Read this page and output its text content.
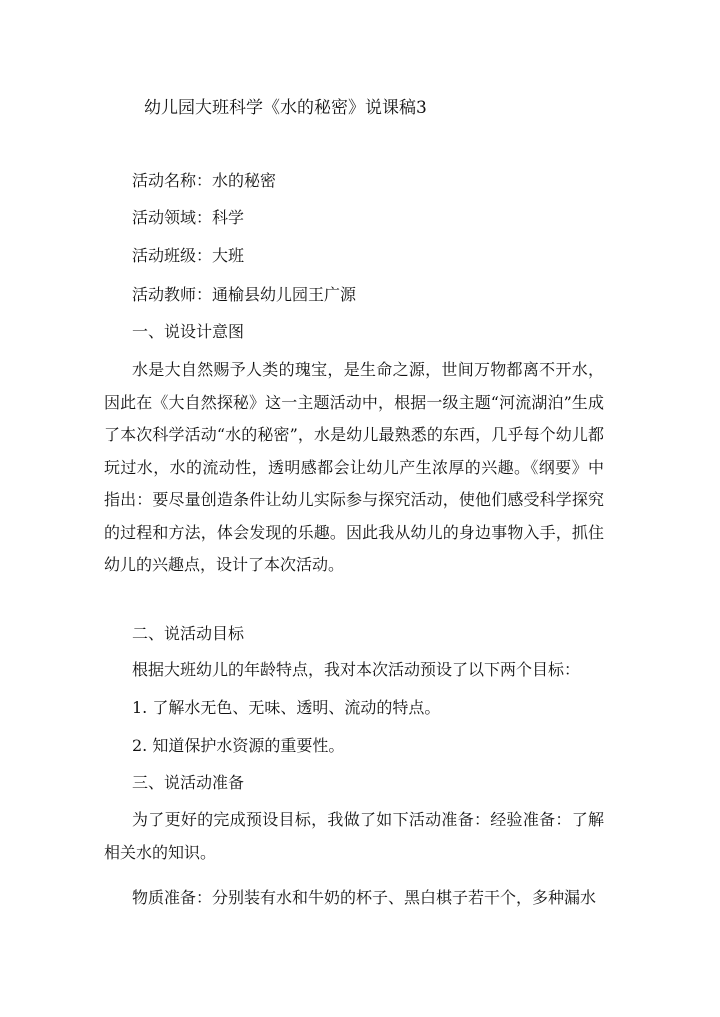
幼儿园大班科学《水的秘密》说课稿3
活动名称：水的秘密
活动领域：科学
活动班级：大班
活动教师：通榆县幼儿园王广源
一、说设计意图
水是大自然赐予人类的瑰宝，是生命之源，世间万物都离不开水，因此在《大自然探秘》这一主题活动中，根据一级主题“河流湖泊”生成了本次科学活动“水的秘密”，水是幼儿最熟悉的东西，几乎每个幼儿都玩过水，水的流动性，透明感都会让幼儿产生浓厚的兴趣。《纲要》中指出：要尽量创造条件让幼儿实际参与探究活动，使他们感受科学探究的过程和方法，体会发现的乐趣。因此我从幼儿的身边事物入手，抓住幼儿的兴趣点，设计了本次活动。
二、说活动目标
根据大班幼儿的年龄特点，我对本次活动预设了以下两个目标：
1. 了解水无色、无味、透明、流动的特点。
2. 知道保护水资源的重要性。
三、说活动准备
为了更好的完成预设目标，我做了如下活动准备：经验准备：了解相关水的知识。
物质准备：分别装有水和牛奶的杯子、黑白棋子若干个，多种漏水
